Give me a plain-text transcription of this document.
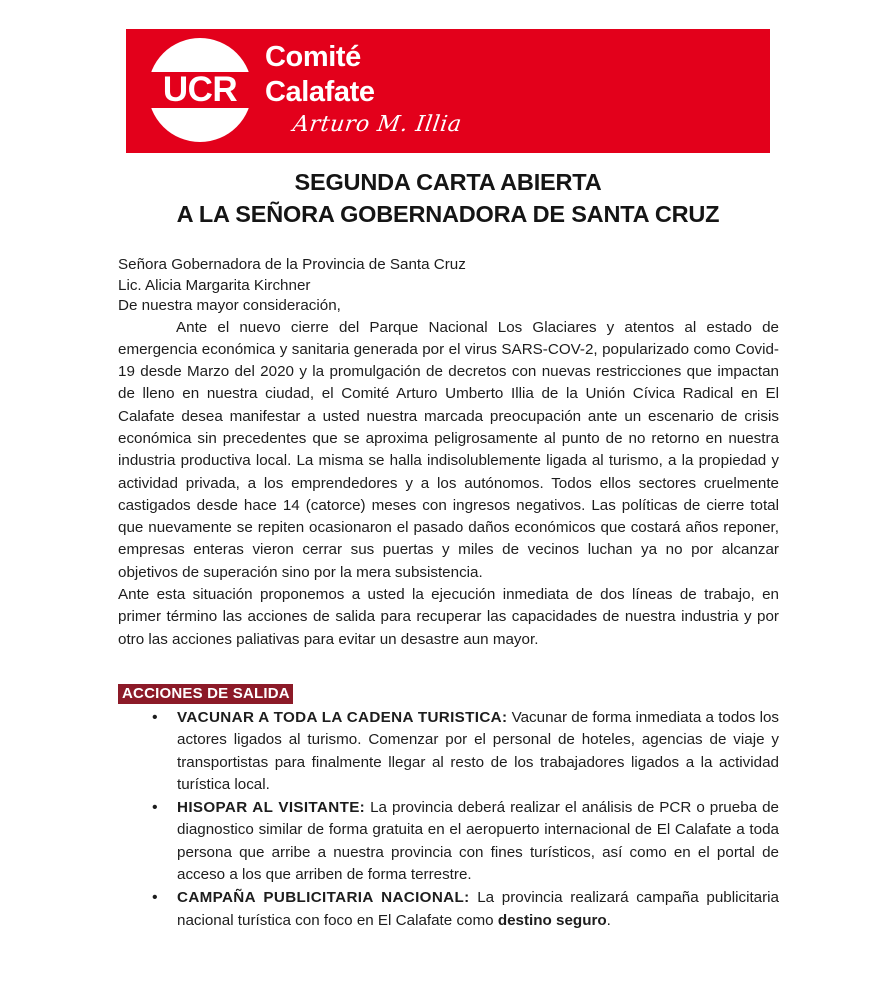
UCR
Comité
Calafate
Arturo M. Illia
SEGUNDA CARTA ABIERTA
A LA SEÑORA GOBERNADORA DE SANTA CRUZ
Señora Gobernadora de la Provincia de Santa Cruz
Lic. Alicia Margarita Kirchner
De nuestra mayor consideración,

Ante el nuevo cierre del Parque Nacional Los Glaciares y atentos al estado de emergencia económica y sanitaria generada por el virus SARS-COV-2, popularizado como Covid-19 desde Marzo del 2020 y la promulgación de decretos con nuevas restricciones que impactan de lleno en nuestra ciudad, el Comité Arturo Umberto Illia de la Unión Cívica Radical en El Calafate desea manifestar a usted nuestra marcada preocupación ante un escenario de crisis económica sin precedentes que se aproxima peligrosamente al punto de no retorno en nuestra industria productiva local. La misma se halla indisolublemente ligada al turismo, a la propiedad y actividad privada, a los emprendedores y a los autónomos. Todos ellos sectores cruelmente castigados desde hace 14 (catorce) meses con ingresos negativos. Las políticas de cierre total que nuevamente se repiten ocasionaron el pasado daños económicos que costará años reponer, empresas enteras vieron cerrar sus puertas y miles de vecinos luchan ya no por alcanzar objetivos de superación sino por la mera subsistencia.

Ante esta situación proponemos a usted la ejecución inmediata de dos líneas de trabajo, en primer término las acciones de salida para recuperar las capacidades de nuestra industria y por otro las acciones paliativas para evitar un desastre aun mayor.

ACCIONES DE SALIDA
• VACUNAR A TODA LA CADENA TURISTICA: Vacunar de forma inmediata a todos los actores ligados al turismo. Comenzar por el personal de hoteles, agencias de viaje y transportistas para finalmente llegar al resto de los trabajadores ligados a la actividad turística local.
• HISOPAR AL VISITANTE: La provincia deberá realizar el análisis de PCR o prueba de diagnostico similar de forma gratuita en el aeropuerto internacional de El Calafate a toda persona que arribe a nuestra provincia con fines turísticos, así como en el portal de acceso a los que arriben de forma terrestre.
• CAMPAÑA PUBLICITARIA NACIONAL: La provincia realizará campaña publicitaria nacional turística con foco en El Calafate como destino seguro.
